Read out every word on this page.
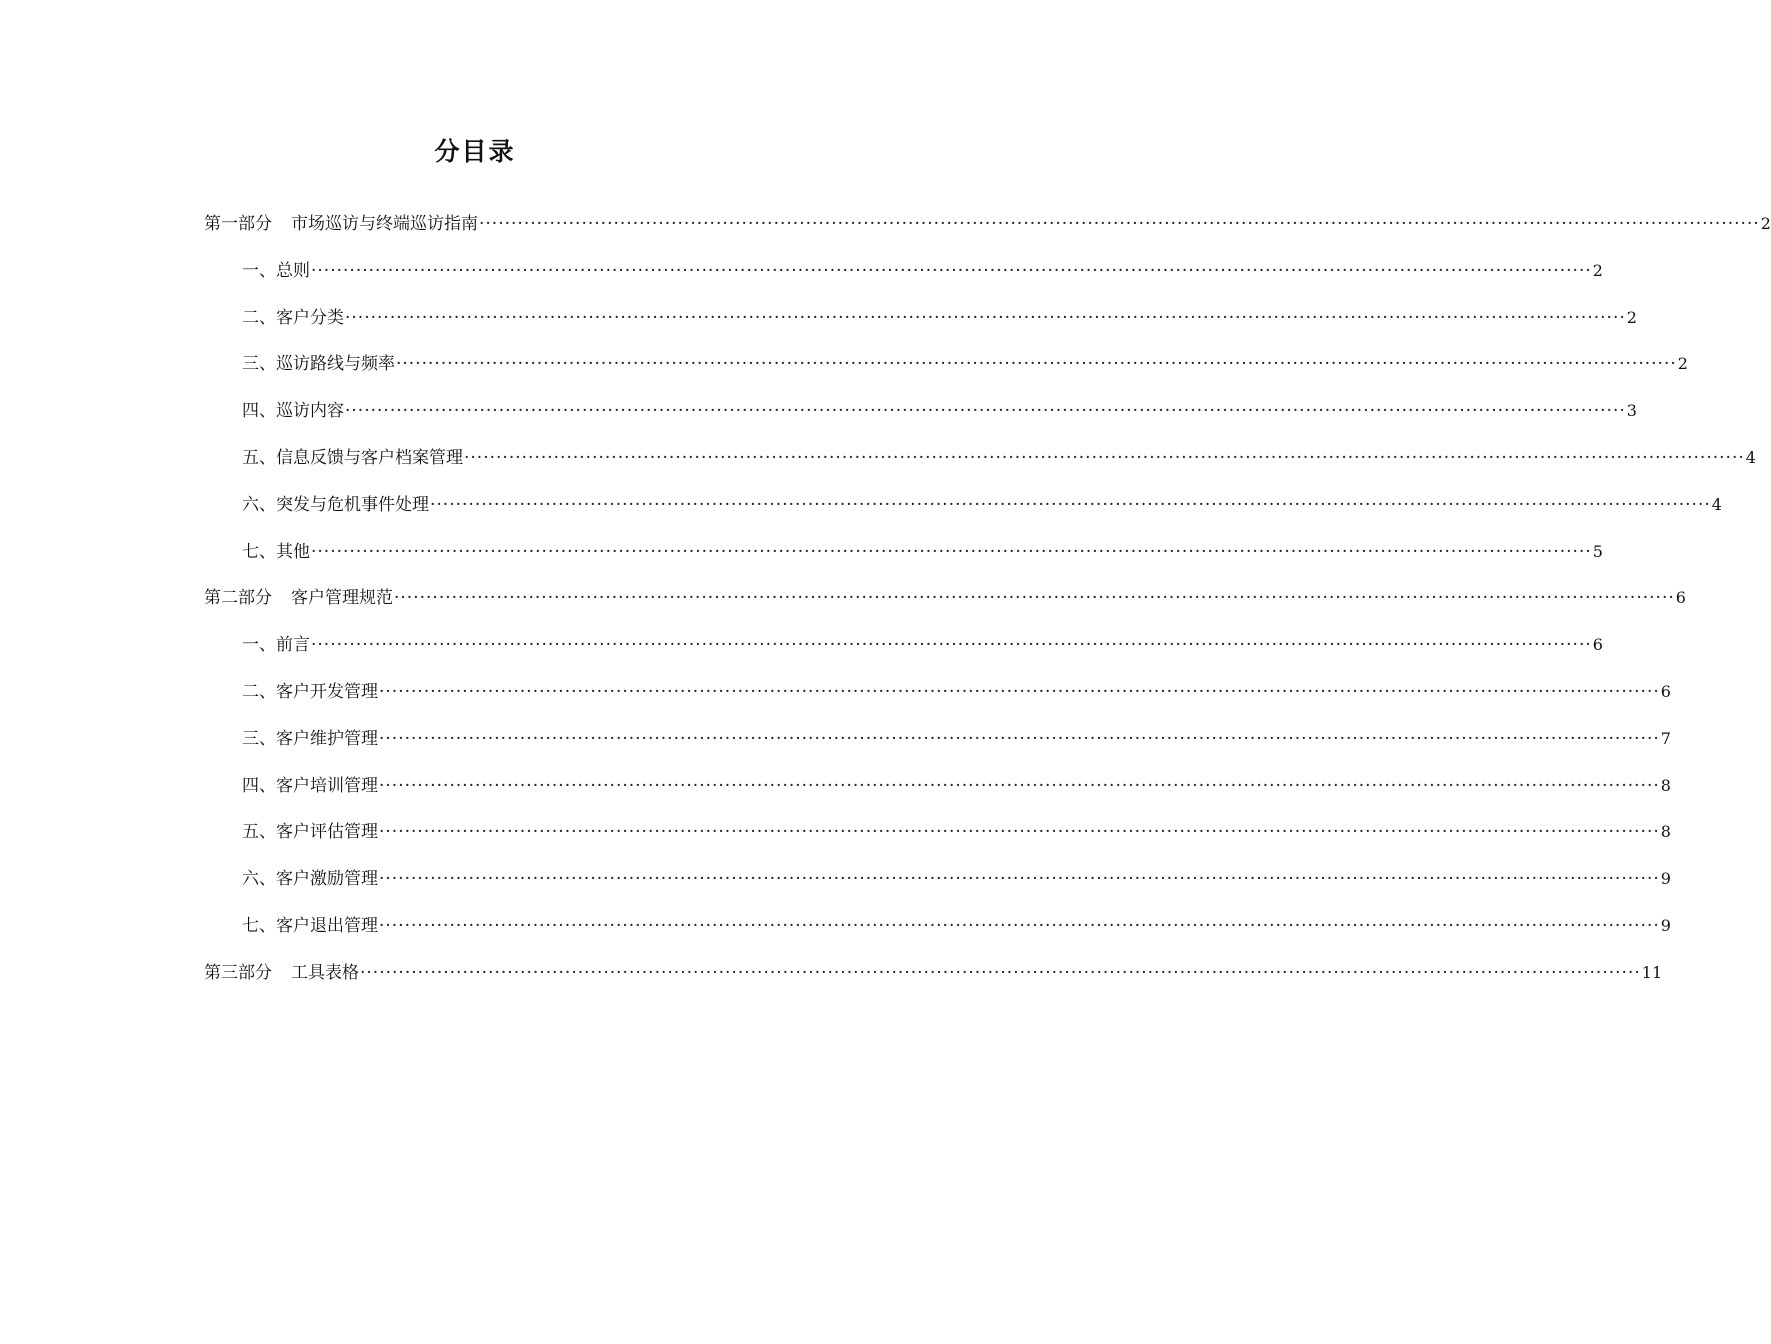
分目录
第一部分 市场巡访与终端巡访指南 ········································································································································································································ 2
一、总则 ········································································································································································································ 2
二、客户分类 ········································································································································································································ 2
三、巡访路线与频率 ········································································································································································································ 2
四、巡访内容 ········································································································································································································ 3
五、信息反馈与客户档案管理 ········································································································································································································ 4
六、突发与危机事件处理 ········································································································································································································ 4
七、其他 ········································································································································································································ 5
第二部分 客户管理规范 ········································································································································································································ 6
一、前言 ········································································································································································································ 6
二、客户开发管理 ········································································································································································································ 6
三、客户维护管理 ········································································································································································································ 7
四、客户培训管理 ········································································································································································································ 8
五、客户评估管理 ········································································································································································································ 8
六、客户激励管理 ········································································································································································································ 9
七、客户退出管理 ········································································································································································································ 9
第三部分 工具表格 ········································································································································································································ 11
